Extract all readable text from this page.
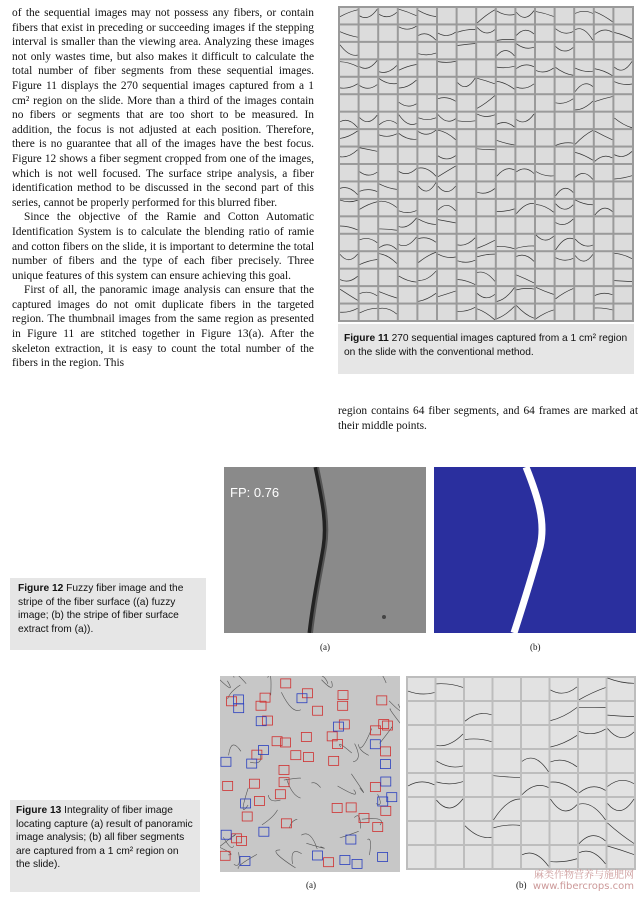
of the sequential images may not possess any fibers, or contain fibers that exist in preceding or succeeding images if the stepping interval is smaller than the viewing area. Analyzing these images not only wastes time, but also makes it difficult to calculate the total number of fiber segments from these sequential images. Figure 11 displays the 270 sequential images captured from a 1 cm² region on the slide. More than a third of the images contain no fibers or segments that are too short to be measured. In addition, the focus is not adjusted at each position. Therefore, there is no guarantee that all of the images have the best focus. Figure 12 shows a fiber segment cropped from one of the images, which is not well focused. The surface stripe analysis, a fiber identification method to be discussed in the second part of this series, cannot be properly performed for this blurred fiber.

Since the objective of the Ramie and Cotton Automatic Identification System is to calculate the blending ratio of ramie and cotton fibers on the slide, it is important to determine the total number of fibers and the type of each fiber precisely. Three unique features of this system can ensure achieving this goal.

First of all, the panoramic image analysis can ensure that the captured images do not omit duplicate fibers in the targeted region. The thumbnail images from the same region as presented in Figure 11 are stitched together in Figure 13(a). After the skeleton extraction, it is easy to count the total number of the fibers in the region. This

Figure 11 270 sequential images captured from a 1 cm² region on the slide with the conventional method.
region contains 64 fiber segments, and 64 frames are marked at their middle points.
Figure 12 Fuzzy fiber image and the stripe of the fiber surface ((a) fuzzy image; (b) the stripe of fiber surface extract from (a)).
FP: 0.76
(a)	(b)
(a)	(b)
Figure 13 Integrality of fiber image locating capture (a) result of panoramic image analysis; (b) all fiber segments are captured from a 1 cm² region on the slide).
麻类作物营养与施肥网
www.fibercrops.com
